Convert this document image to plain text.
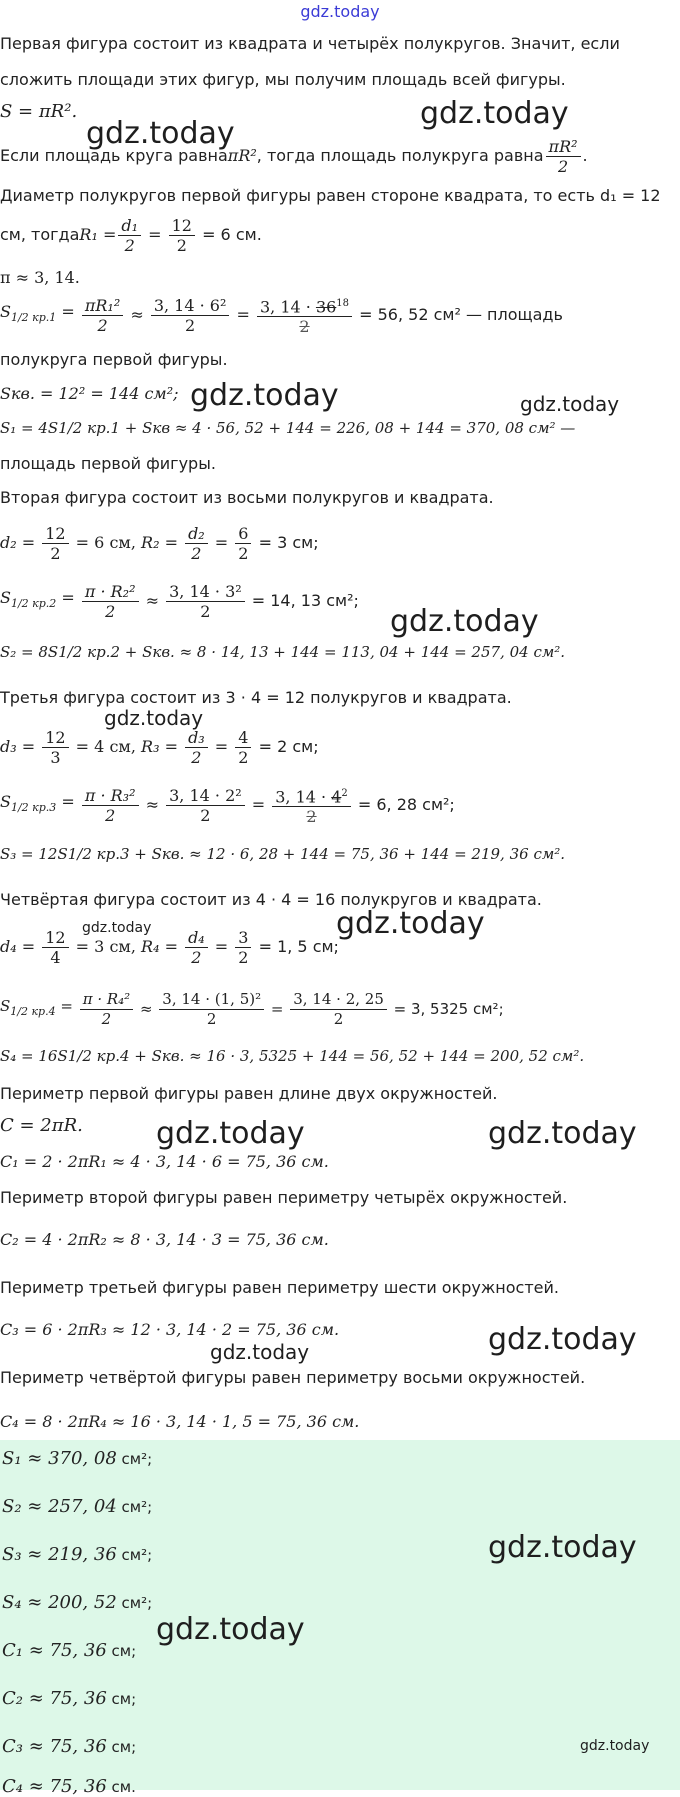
gdz.today
Первая фигура состоит из квадрата и четырёх полукругов. Значит, если
сложить площади этих фигур, мы получим площадь всей фигуры.
S = πR².
Если площадь круга равна πR² , тогда площадь полукруга равна $\frac{\text{πR²}}{2}$ .
Диаметр полукругов первой фигуры равен стороне квадрата, то есть d₁ = 12
см, тогда $R_1 = \frac{\text{d₁}}{2} = \frac{12}{2}$
= 6 см.
π ≈ 3, 14.
$S_{1/2 кр.1} = \frac{\text{πR₁²}}{2} \approx \frac{\text{3, 14 · 6²}}{2} = \frac{3, 14 \cdot 36^{18}}{2}$
= 56, 52 см² — площадь
полукруга первой фигуры.
Sкв. = 12² = 144 см²;
S₁ = 4S1/2 кр.1 + Sкв ≈ 4 · 56, 52 + 144 = 226, 08 + 144 = 370, 08 см² —
площадь первой фигуры.
Вторая фигура состоит из восьми полукругов и квадрата.
$d_2 = \frac{12}{2} = 6$ см, $R_2 = \frac{\text{d₂}}{2} = \frac{6}{2}$
= 3 см;
$S_{1/2 кр.2} = \frac{\text{π · R₂²}}{2} \approx \frac{\text{3, 14 · 3²}}{2}$
= 14, 13 см²;
S₂ = 8S1/2 кр.2 + Sкв. ≈ 8 · 14, 13 + 144 = 113, 04 + 144 = 257, 04 см².
Третья фигура состоит из 3 · 4 = 12 полукругов и квадрата.
$d_3 = \frac{12}{3} = 4$ см, $R_3 = \frac{\text{d₃}}{2} = \frac{4}{2}$
= 2 см;
$S_{1/2 кр.3} = \frac{\text{π · R₃²}}{2} \approx \frac{\text{3, 14 · 2²}}{2} = \frac{3, 14 \cdot 4^2}{2}$
= 6, 28 см²;
S₃ = 12S1/2 кр.3 + Sкв. ≈ 12 · 6, 28 + 144 = 75, 36 + 144 = 219, 36 см².
Четвёртая фигура состоит из 4 · 4 = 16 полукругов и квадрата.
$d_4 = \frac{12}{4} = 3$ см, $R_4 = \frac{\text{d₄}}{2} = \frac{3}{2}$
= 1, 5 см;
$S_{1/2 кр.4} = \frac{\text{π · R₄²}}{2} \approx \frac{\text{3, 14 · (1, 5)²}}{2} = \frac{3, 14 \cdot 2, 25}{2}$
= 3, 5325 см²;
S₄ = 16S1/2 кр.4 + Sкв. ≈ 16 · 3, 5325 + 144 = 56, 52 + 144 = 200, 52 см².
Периметр первой фигуры равен длине двух окружностей.
C = 2πR.
C₁ = 2 · 2πR₁ ≈ 4 · 3, 14 · 6 = 75, 36 см.
Периметр второй фигуры равен периметру четырёх окружностей.
C₂ = 4 · 2πR₂ ≈ 8 · 3, 14 · 3 = 75, 36 см.
Периметр третьей фигуры равен периметру шести окружностей.
C₃ = 6 · 2πR₃ ≈ 12 · 3, 14 · 2 = 75, 36 см.
Периметр четвёртой фигуры равен периметру восьми окружностей.
C₄ = 8 · 2πR₄ ≈ 16 · 3, 14 · 1, 5 = 75, 36 см.
S₁ ≈ 370, 08 см²;
S₂ ≈ 257, 04 см²;
S₃ ≈ 219, 36 см²;
S₄ ≈ 200, 52 см²;
C₁ ≈ 75, 36 см;
C₂ ≈ 75, 36 см;
C₃ ≈ 75, 36 см;
C₄ ≈ 75, 36 см.
gdz.today
gdz.today
gdz.today	gdz.today
gdz.today
gdz.today
gdz.today
gdz.today
gdz.today	gdz.today
gdz.today
gdz.today
gdz.today
gdz.today
gdz.today
